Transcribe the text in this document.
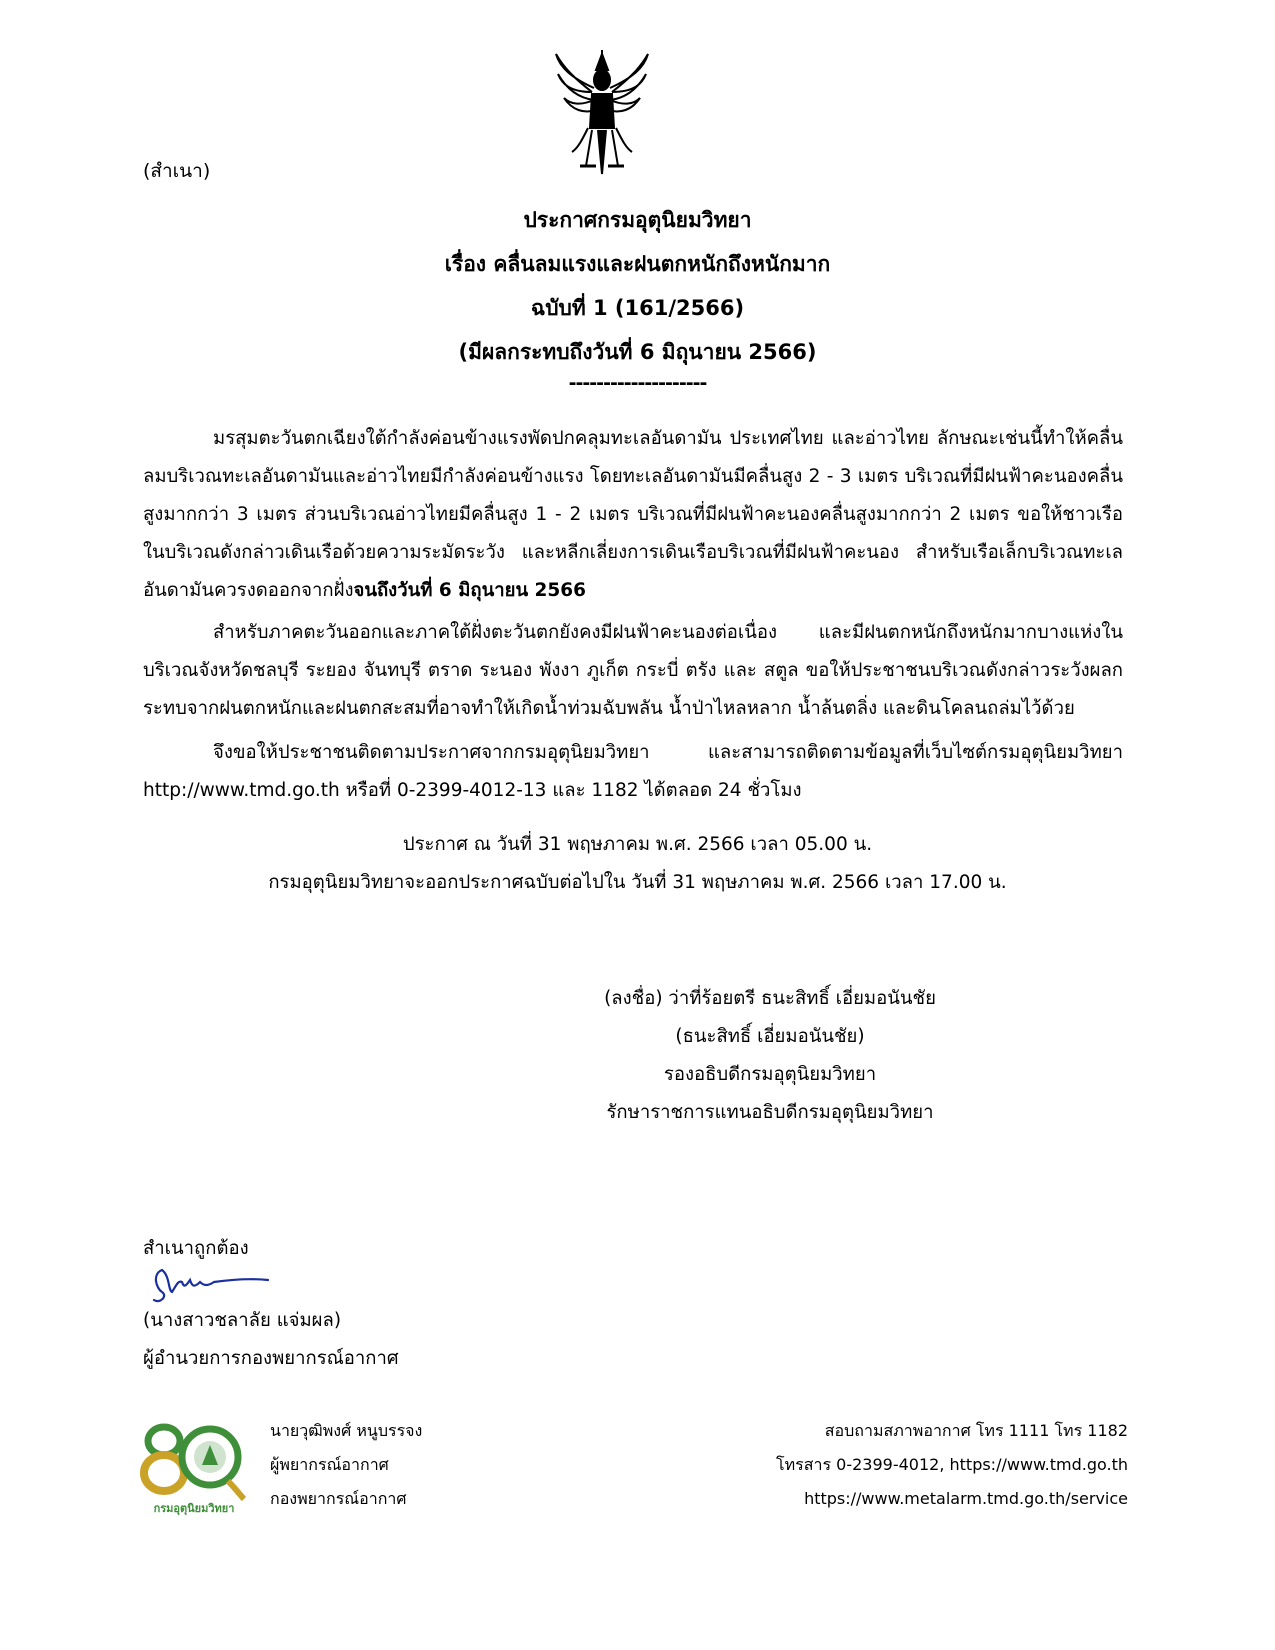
(สำเนา)
ประกาศกรมอุตุนิยมวิทยา
เรื่อง คลื่นลมแรงและฝนตกหนักถึงหนักมาก
ฉบับที่ 1 (161/2566)
(มีผลกระทบถึงวันที่ 6 มิถุนายน 2566)
--------------------
มรสุมตะวันตกเฉียงใต้กำลังค่อนข้างแรงพัดปกคลุมทะเลอันดามัน ประเทศไทย และอ่าวไทย ลักษณะเช่นนี้ทำให้คลื่นลมบริเวณทะเลอันดามันและอ่าวไทยมีกำลังค่อนข้างแรง โดยทะเลอันดามันมีคลื่นสูง 2 - 3 เมตร บริเวณที่มีฝนฟ้าคะนองคลื่นสูงมากกว่า 3 เมตร ส่วนบริเวณอ่าวไทยมีคลื่นสูง 1 - 2 เมตร บริเวณที่มีฝนฟ้าคะนองคลื่นสูงมากกว่า 2 เมตร ขอให้ชาวเรือในบริเวณดังกล่าวเดินเรือด้วยความระมัดระวัง และหลีกเลี่ยงการเดินเรือบริเวณที่มีฝนฟ้าคะนอง สำหรับเรือเล็กบริเวณทะเลอันดามันควรงดออกจากฝั่งจนถึงวันที่ 6 มิถุนายน 2566
สำหรับภาคตะวันออกและภาคใต้ฝั่งตะวันตกยังคงมีฝนฟ้าคะนองต่อเนื่อง และมีฝนตกหนักถึงหนักมากบางแห่งในบริเวณจังหวัดชลบุรี ระยอง จันทบุรี ตราด ระนอง พังงา ภูเก็ต กระบี่ ตรัง และ สตูล ขอให้ประชาชนบริเวณดังกล่าวระวังผลกระทบจากฝนตกหนักและฝนตกสะสมที่อาจทำให้เกิดน้ำท่วมฉับพลัน น้ำป่าไหลหลาก น้ำล้นตลิ่ง และดินโคลนถล่มไว้ด้วย
จึงขอให้ประชาชนติดตามประกาศจากกรมอุตุนิยมวิทยา และสามารถติดตามข้อมูลที่เว็บไซต์กรมอุตุนิยมวิทยา http://www.tmd.go.th หรือที่ 0-2399-4012-13 และ 1182 ได้ตลอด 24 ชั่วโมง
ประกาศ ณ วันที่ 31 พฤษภาคม พ.ศ. 2566 เวลา 05.00 น.
กรมอุตุนิยมวิทยาจะออกประกาศฉบับต่อไปใน วันที่ 31 พฤษภาคม พ.ศ. 2566 เวลา 17.00 น.
(ลงชื่อ) ว่าที่ร้อยตรี ธนะสิทธิ์ เอี่ยมอนันชัย
(ธนะสิทธิ์ เอี่ยมอนันชัย)
รองอธิบดีกรมอุตุนิยมวิทยา
รักษาราชการแทนอธิบดีกรมอุตุนิยมวิทยา
สำเนาถูกต้อง
(นางสาวชลาลัย แจ่มผล)
ผู้อำนวยการกองพยากรณ์อากาศ
กรมอุตุนิยมวิทยา
นายวุฒิพงศ์ หนูบรรจง
ผู้พยากรณ์อากาศ
กองพยากรณ์อากาศ
สอบถามสภาพอากาศ โทร 1111 โทร 1182
โทรสาร 0-2399-4012, https://www.tmd.go.th
https://www.metalarm.tmd.go.th/service
